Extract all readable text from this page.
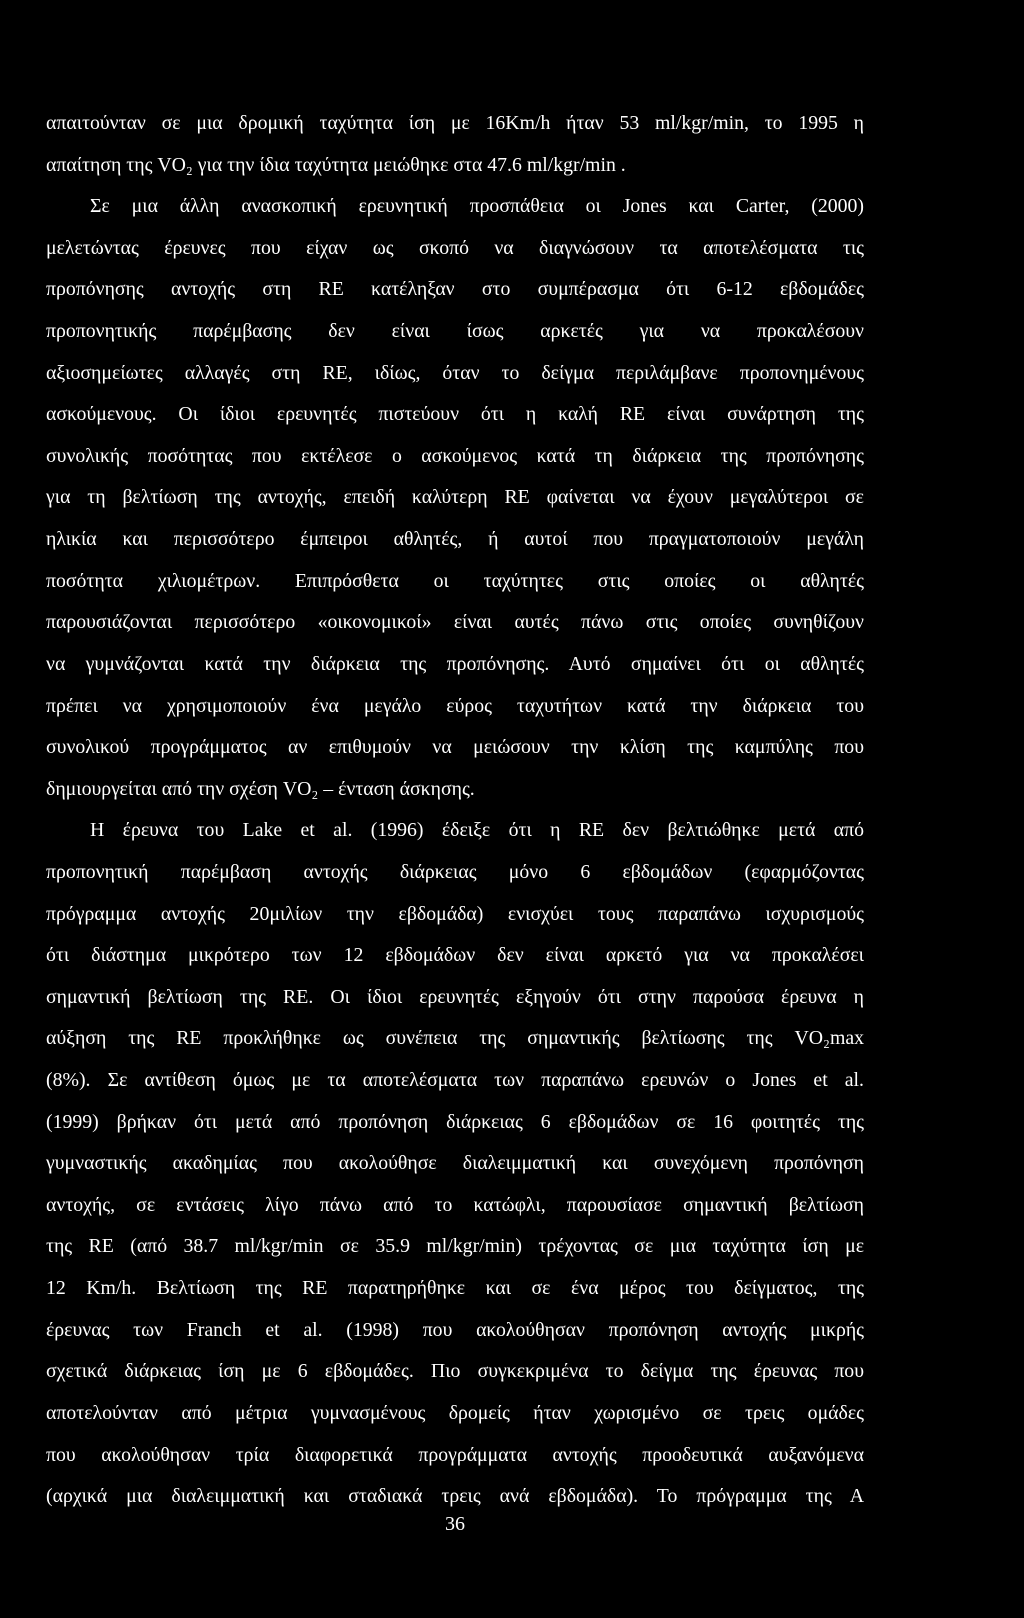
απαιτούνταν σε μια δρομική ταχύτητα ίση με 16Km/h ήταν 53 ml/kgr/min, το 1995 η
απαίτηση της VO₂ για την ίδια ταχύτητα μειώθηκε στα 47.6 ml/kgr/min .
Σε μια άλλη ανασκοπική ερευνητική προσπάθεια οι Jones και Carter, (2000)
μελετώντας έρευνες που είχαν ως σκοπό να διαγνώσουν τα αποτελέσματα τις
προπόνησης αντοχής στη RE κατέληξαν στο συμπέρασμα ότι 6-12 εβδομάδες
προπονητικής παρέμβασης δεν είναι ίσως αρκετές για να προκαλέσουν
αξιοσημείωτες αλλαγές στη RE, ιδίως, όταν το δείγμα περιλάμβανε προπονημένους
ασκούμενους. Οι ίδιοι ερευνητές πιστεύουν ότι η καλή RE είναι συνάρτηση της
συνολικής ποσότητας που εκτέλεσε ο ασκούμενος κατά τη διάρκεια της προπόνησης
για τη βελτίωση της αντοχής, επειδή καλύτερη RE φαίνεται να έχουν μεγαλύτεροι σε
ηλικία και περισσότερο έμπειροι αθλητές, ή αυτοί που πραγματοποιούν μεγάλη
ποσότητα χιλιομέτρων. Επιπρόσθετα οι ταχύτητες στις οποίες οι αθλητές
παρουσιάζονται περισσότερο «οικονομικοί» είναι αυτές πάνω στις οποίες συνηθίζουν
να γυμνάζονται κατά την διάρκεια της προπόνησης. Αυτό σημαίνει ότι οι αθλητές
πρέπει να χρησιμοποιούν ένα μεγάλο εύρος ταχυτήτων κατά την διάρκεια του
συνολικού προγράμματος αν επιθυμούν να μειώσουν την κλίση της καμπύλης που
δημιουργείται από την σχέση VO₂ – ένταση άσκησης.
Η έρευνα του Lake et al. (1996) έδειξε ότι η RE δεν βελτιώθηκε μετά από
προπονητική παρέμβαση αντοχής διάρκειας μόνο 6 εβδομάδων (εφαρμόζοντας
πρόγραμμα αντοχής 20μιλίων την εβδομάδα) ενισχύει τους παραπάνω ισχυρισμούς
ότι διάστημα μικρότερο των 12 εβδομάδων δεν είναι αρκετό για να προκαλέσει
σημαντική βελτίωση της RE. Οι ίδιοι ερευνητές εξηγούν ότι στην παρούσα έρευνα η
αύξηση της RE προκλήθηκε ως συνέπεια της σημαντικής βελτίωσης της VO₂max
(8%). Σε αντίθεση όμως με τα αποτελέσματα των παραπάνω ερευνών ο Jones et al.
(1999) βρήκαν ότι μετά από προπόνηση διάρκειας 6 εβδομάδων σε 16 φοιτητές της
γυμναστικής ακαδημίας που ακολούθησε διαλειμματική και συνεχόμενη προπόνηση
αντοχής, σε εντάσεις λίγο πάνω από το κατώφλι, παρουσίασε σημαντική βελτίωση
της RE (από 38.7 ml/kgr/min σε 35.9 ml/kgr/min) τρέχοντας σε μια ταχύτητα ίση με
12 Km/h. Βελτίωση της RE παρατηρήθηκε και σε ένα μέρος του δείγματος, της
έρευνας των Franch et al. (1998) που ακολούθησαν προπόνηση αντοχής μικρής
σχετικά διάρκειας ίση με 6 εβδομάδες. Πιο συγκεκριμένα το δείγμα της έρευνας που
αποτελούνταν από μέτρια γυμνασμένους δρομείς ήταν χωρισμένο σε τρεις ομάδες
που ακολούθησαν τρία διαφορετικά προγράμματα αντοχής προοδευτικά αυξανόμενα
(αρχικά μια διαλειμματική και σταδιακά τρεις ανά εβδομάδα). Το πρόγραμμα της Α
36
